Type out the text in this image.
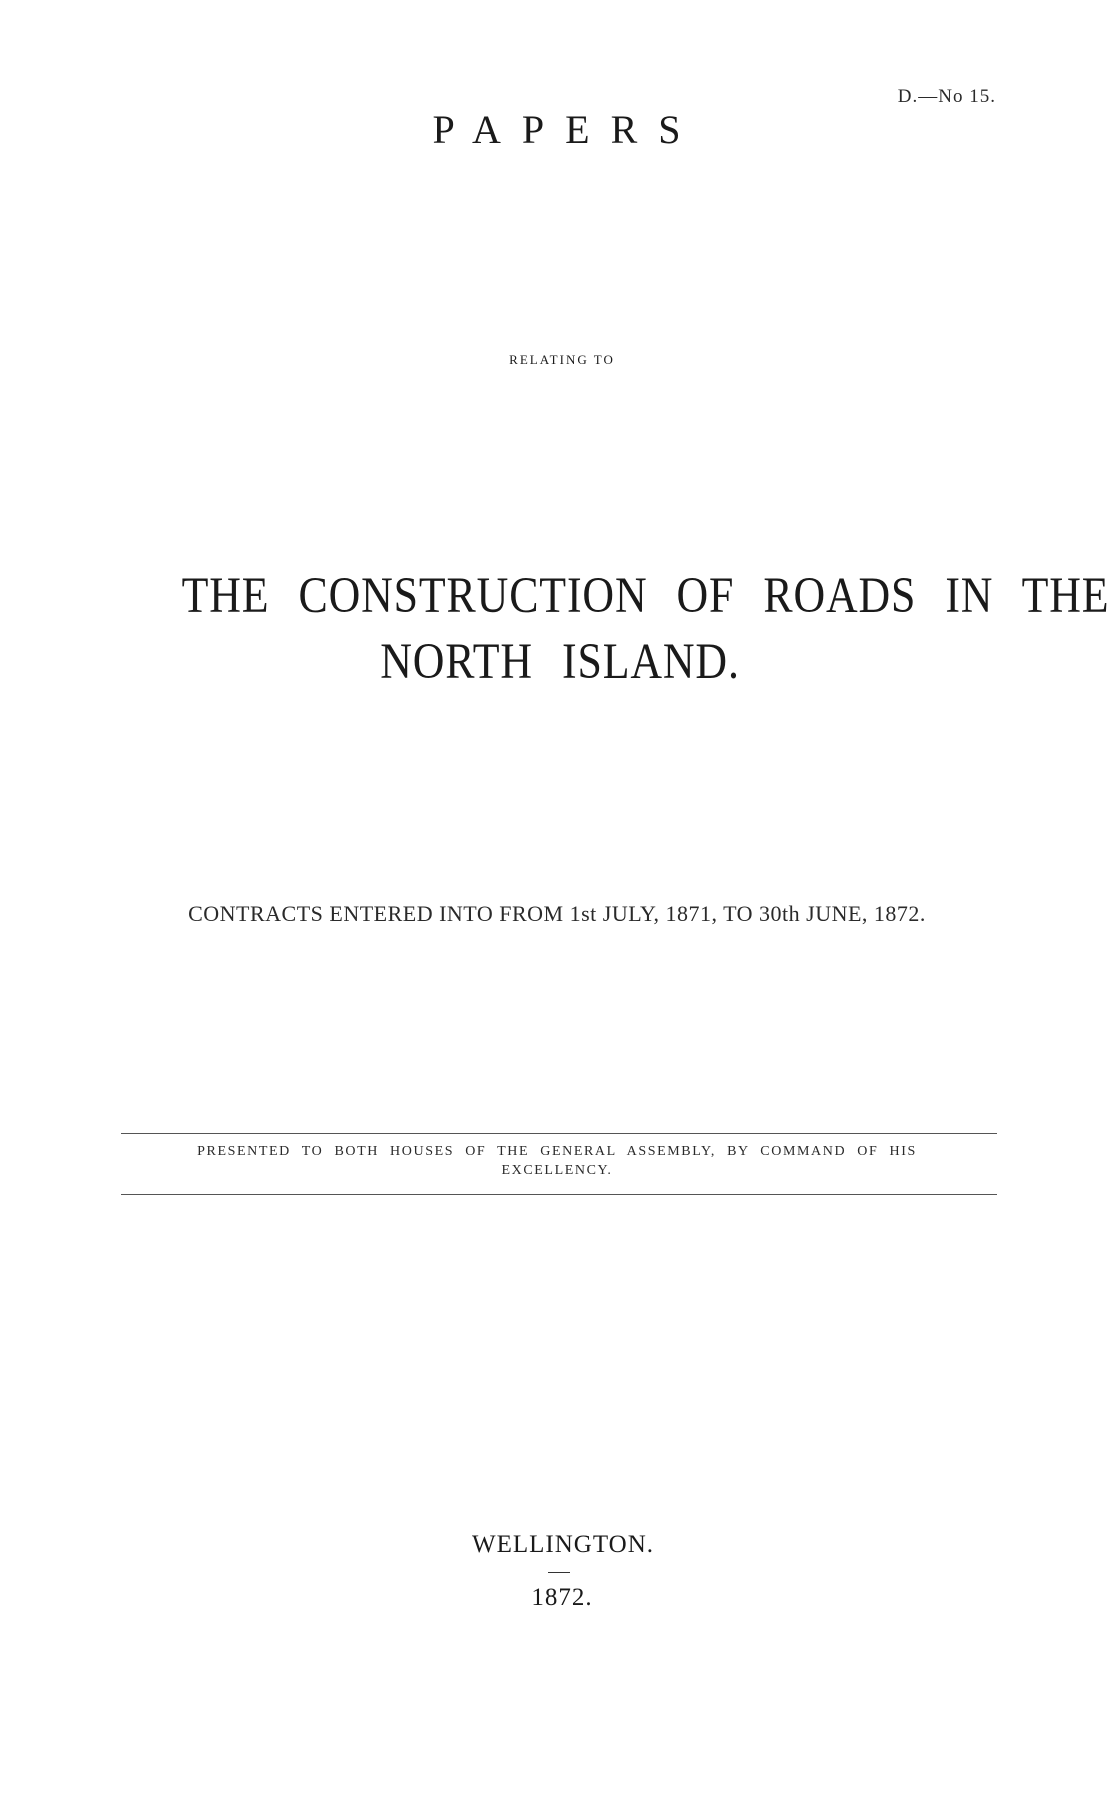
D.—No 15.
PAPERS
RELATING TO
THE CONSTRUCTION OF ROADS IN THE
NORTH ISLAND.
CONTRACTS ENTERED INTO FROM 1st JULY, 1871, TO 30th JUNE, 1872.
PRESENTED TO BOTH HOUSES OF THE GENERAL ASSEMBLY, BY COMMAND OF HIS EXCELLENCY.
WELLINGTON.
1872.
